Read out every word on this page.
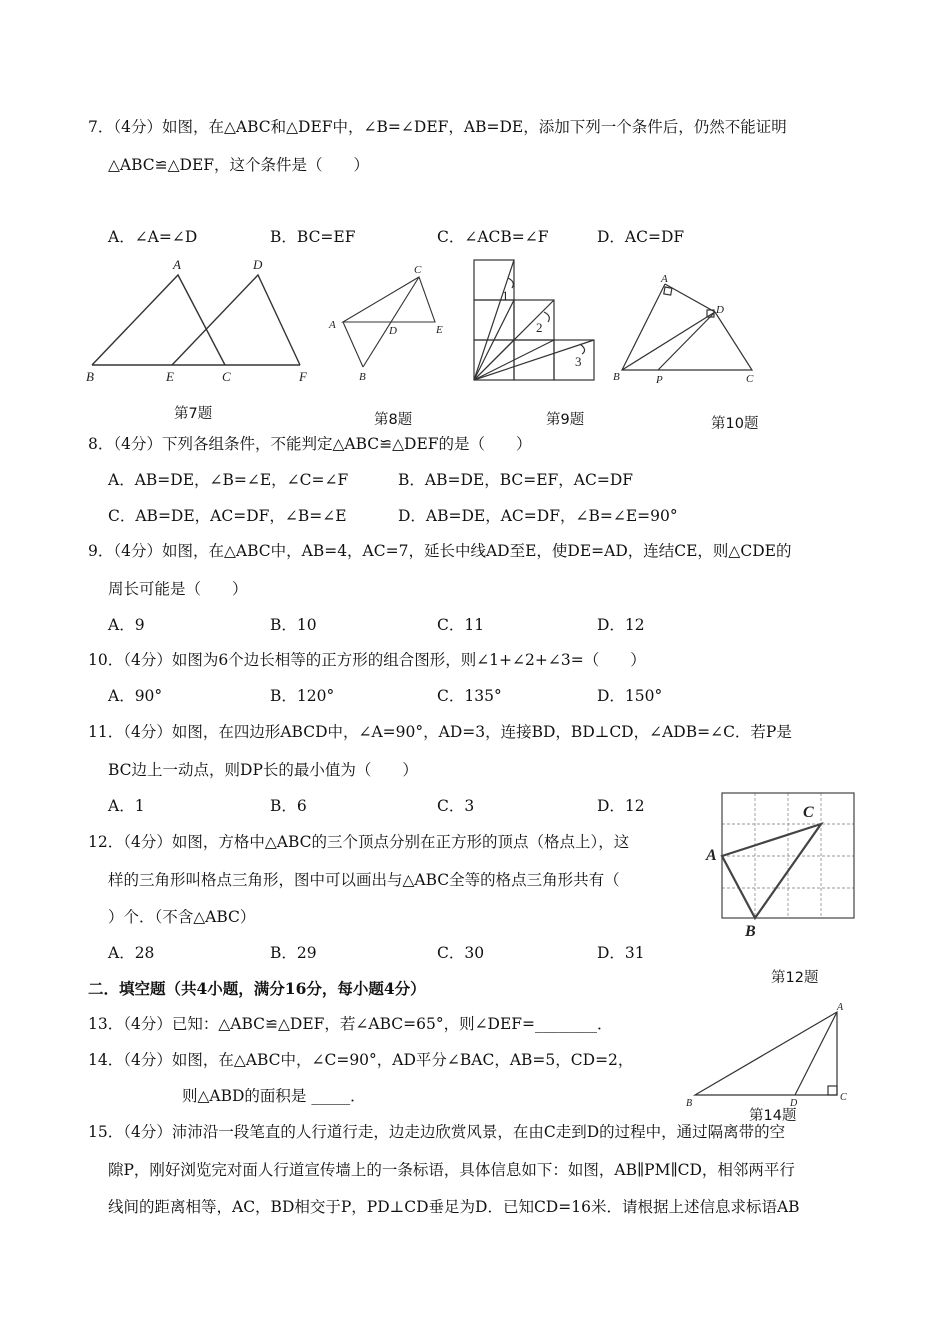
7．（4分）如图，在△ABC和△DEF中，∠B=∠DEF，AB=DE，添加下列一个条件后，仍然不能证明
△ABC≌△DEF，这个条件是（　　）
A．∠A=∠D	B．BC=EF	C．∠ACB=∠F	D．AC=DF
A	D
B	E	C	F
第7题
C
A	D	E
B
第8题
1
2
3
第9题
A
D
B	P	C
第10题
8．（4分）下列各组条件，不能判定△ABC≌△DEF的是（　　）
A．AB=DE，∠B=∠E，∠C=∠F	B．AB=DE，BC=EF，AC=DF
C．AB=DE，AC=DF，∠B=∠E	D．AB=DE，AC=DF，∠B=∠E=90°
9．（4分）如图，在△ABC中，AB=4，AC=7，延长中线AD至E，使DE=AD，连结CE，则△CDE的
周长可能是（　　）
A．9	B．10	C．11	D．12
10．（4分）如图为6个边长相等的正方形的组合图形，则∠1+∠2+∠3=（　　）
A．90°	B．120°	C．135°	D．150°
11．（4分）如图，在四边形ABCD中，∠A=90°，AD=3，连接BD，BD⊥CD，∠ADB=∠C．若P是
BC边上一动点，则DP长的最小值为（　　）
A．1	B．6	C．3	D．12	C
A
B
第12题
12．（4分）如图，方格中△ABC的三个顶点分别在正方形的顶点（格点上），这
样的三角形叫格点三角形，图中可以画出与△ABC全等的格点三角形共有（
）个．（不含△ABC）
A．28	B．29	C．30	D．31
二．填空题（共4小题，满分16分，每小题4分）
13．（4分）已知：△ABC≌△DEF，若∠ABC=65°，则∠DEF=________．
14．（4分）如图，在△ABC中，∠C=90°，AD平分∠BAC，AB=5，CD=2，
则△ABD的面积是 _____．
A
B	D
C
第14题
15．（4分）沛沛沿一段笔直的人行道行走，边走边欣赏风景，在由C走到D的过程中，通过隔离带的空
隙P，刚好浏览完对面人行道宣传墙上的一条标语，具体信息如下：如图，AB∥PM∥CD，相邻两平行
线间的距离相等，AC，BD相交于P，PD⊥CD垂足为D．已知CD=16米．请根据上述信息求标语AB
